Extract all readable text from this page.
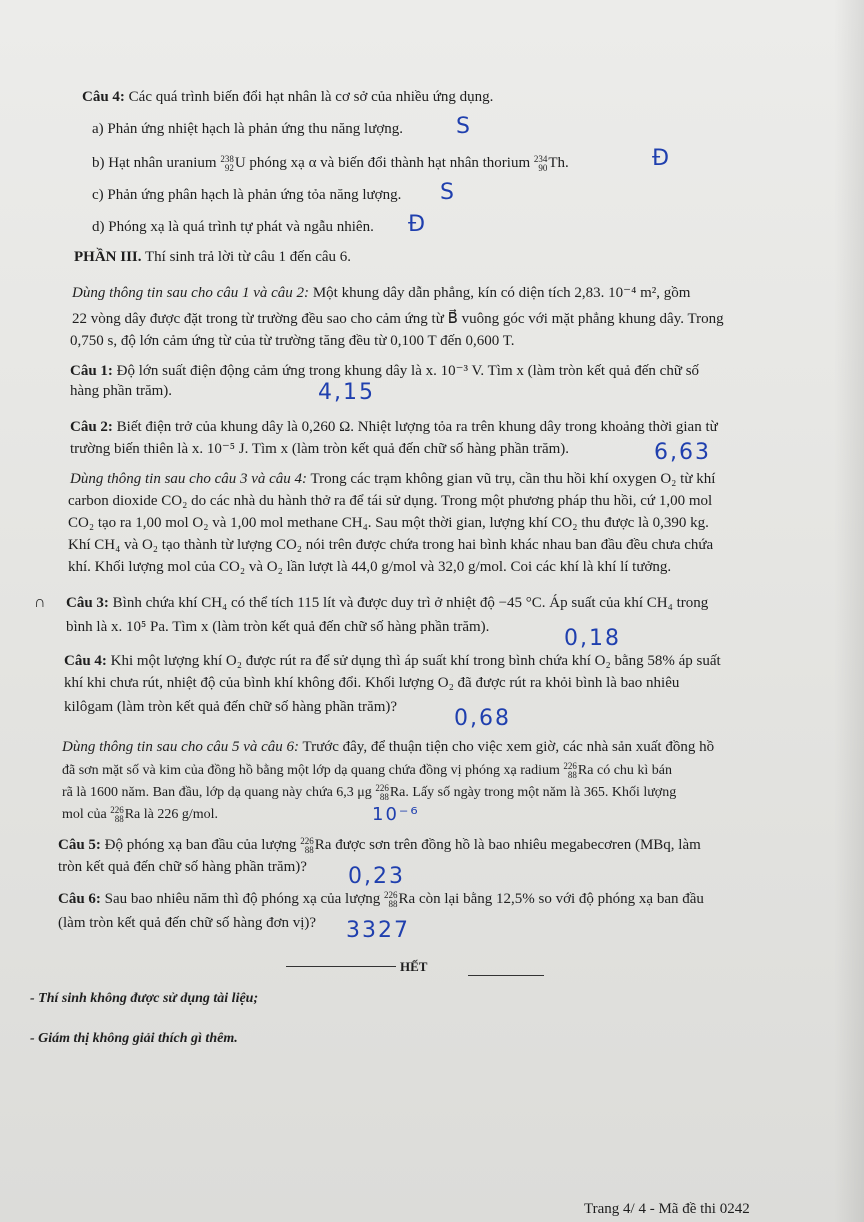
Câu 4: Các quá trình biến đổi hạt nhân là cơ sở của nhiều ứng dụng.
a) Phản ứng nhiệt hạch là phản ứng thu năng lượng. S
b) Hạt nhân uranium 238
92 U phóng xạ α và biến đổi thành hạt nhân thorium 234
90 Th.	Đ
c) Phản ứng phân hạch là phản ứng tỏa năng lượng. S
d) Phóng xạ là quá trình tự phát và ngẫu nhiên. Đ
PHẦN III. Thí sinh trả lời từ câu 1 đến câu 6.
Dùng thông tin sau cho câu 1 và câu 2: Một khung dây dẫn phẳng, kín có diện tích 2,83. 10⁻⁴ m², gồm
22 vòng dây được đặt trong từ trường đều sao cho cảm ứng từ B⃗ vuông góc với mặt phẳng khung dây. Trong
0,750 s, độ lớn cảm ứng từ của từ trường tăng đều từ 0,100 T đến 0,600 T.
Câu 1: Độ lớn suất điện động cảm ứng trong khung dây là x. 10⁻³ V. Tìm x (làm tròn kết quả đến chữ số
hàng phần trăm).	4,15
Câu 2: Biết điện trở của khung dây là 0,260 Ω. Nhiệt lượng tỏa ra trên khung dây trong khoảng thời gian từ
trường biến thiên là x. 10⁻⁵ J. Tìm x (làm tròn kết quả đến chữ số hàng phần trăm).	6,63
Dùng thông tin sau cho câu 3 và câu 4: Trong các trạm không gian vũ trụ, cần thu hồi khí oxygen O₂ từ khí
carbon dioxide CO₂ do các nhà du hành thở ra để tái sử dụng. Trong một phương pháp thu hồi, cứ 1,00 mol
CO₂ tạo ra 1,00 mol O₂ và 1,00 mol methane CH₄. Sau một thời gian, lượng khí CO₂ thu được là 0,390 kg.
Khí CH₄ và O₂ tạo thành từ lượng CO₂ nói trên được chứa trong hai bình khác nhau ban đầu đều chưa chứa
khí. Khối lượng mol của CO₂ và O₂ lần lượt là 44,0 g/mol và 32,0 g/mol. Coi các khí là khí lí tưởng.
∩ Câu 3: Bình chứa khí CH₄ có thể tích 115 lít và được duy trì ở nhiệt độ −45 °C. Áp suất của khí CH₄ trong
bình là x. 10⁵ Pa. Tìm x (làm tròn kết quả đến chữ số hàng phần trăm).	0,18
Câu 4: Khi một lượng khí O₂ được rút ra để sử dụng thì áp suất khí trong bình chứa khí O₂ bằng 58% áp suất
khí khi chưa rút, nhiệt độ của bình khí không đổi. Khối lượng O₂ đã được rút ra khỏi bình là bao nhiêu
kilôgam (làm tròn kết quả đến chữ số hàng phần trăm)?	0,68
Dùng thông tin sau cho câu 5 và câu 6: Trước đây, để thuận tiện cho việc xem giờ, các nhà sản xuất đồng hồ
đã sơn mặt số và kim của đồng hồ bằng một lớp dạ quang chứa đồng vị phóng xạ radium 226
88 Ra có chu kì bán
rã là 1600 năm. Ban đầu, lớp dạ quang này chứa 6,3 μg 226
88 Ra. Lấy số ngày trong một năm là 365. Khối lượng
mol của 226
88 Ra là 226 g/mol.	10⁻⁶
Câu 5: Độ phóng xạ ban đầu của lượng 226
88 Ra được sơn trên đồng hồ là bao nhiêu megabecơren (MBq, làm
tròn kết quả đến chữ số hàng phần trăm)? 0,23
Câu 6: Sau bao nhiêu năm thì độ phóng xạ của lượng 226
88 Ra còn lại bằng 12,5% so với độ phóng xạ ban đầu
(làm tròn kết quả đến chữ số hàng đơn vị)? 3327
HẾT
- Thí sinh không được sử dụng tài liệu;
- Giám thị không giải thích gì thêm.
Trang 4/ 4 - Mã đề thi 0242
